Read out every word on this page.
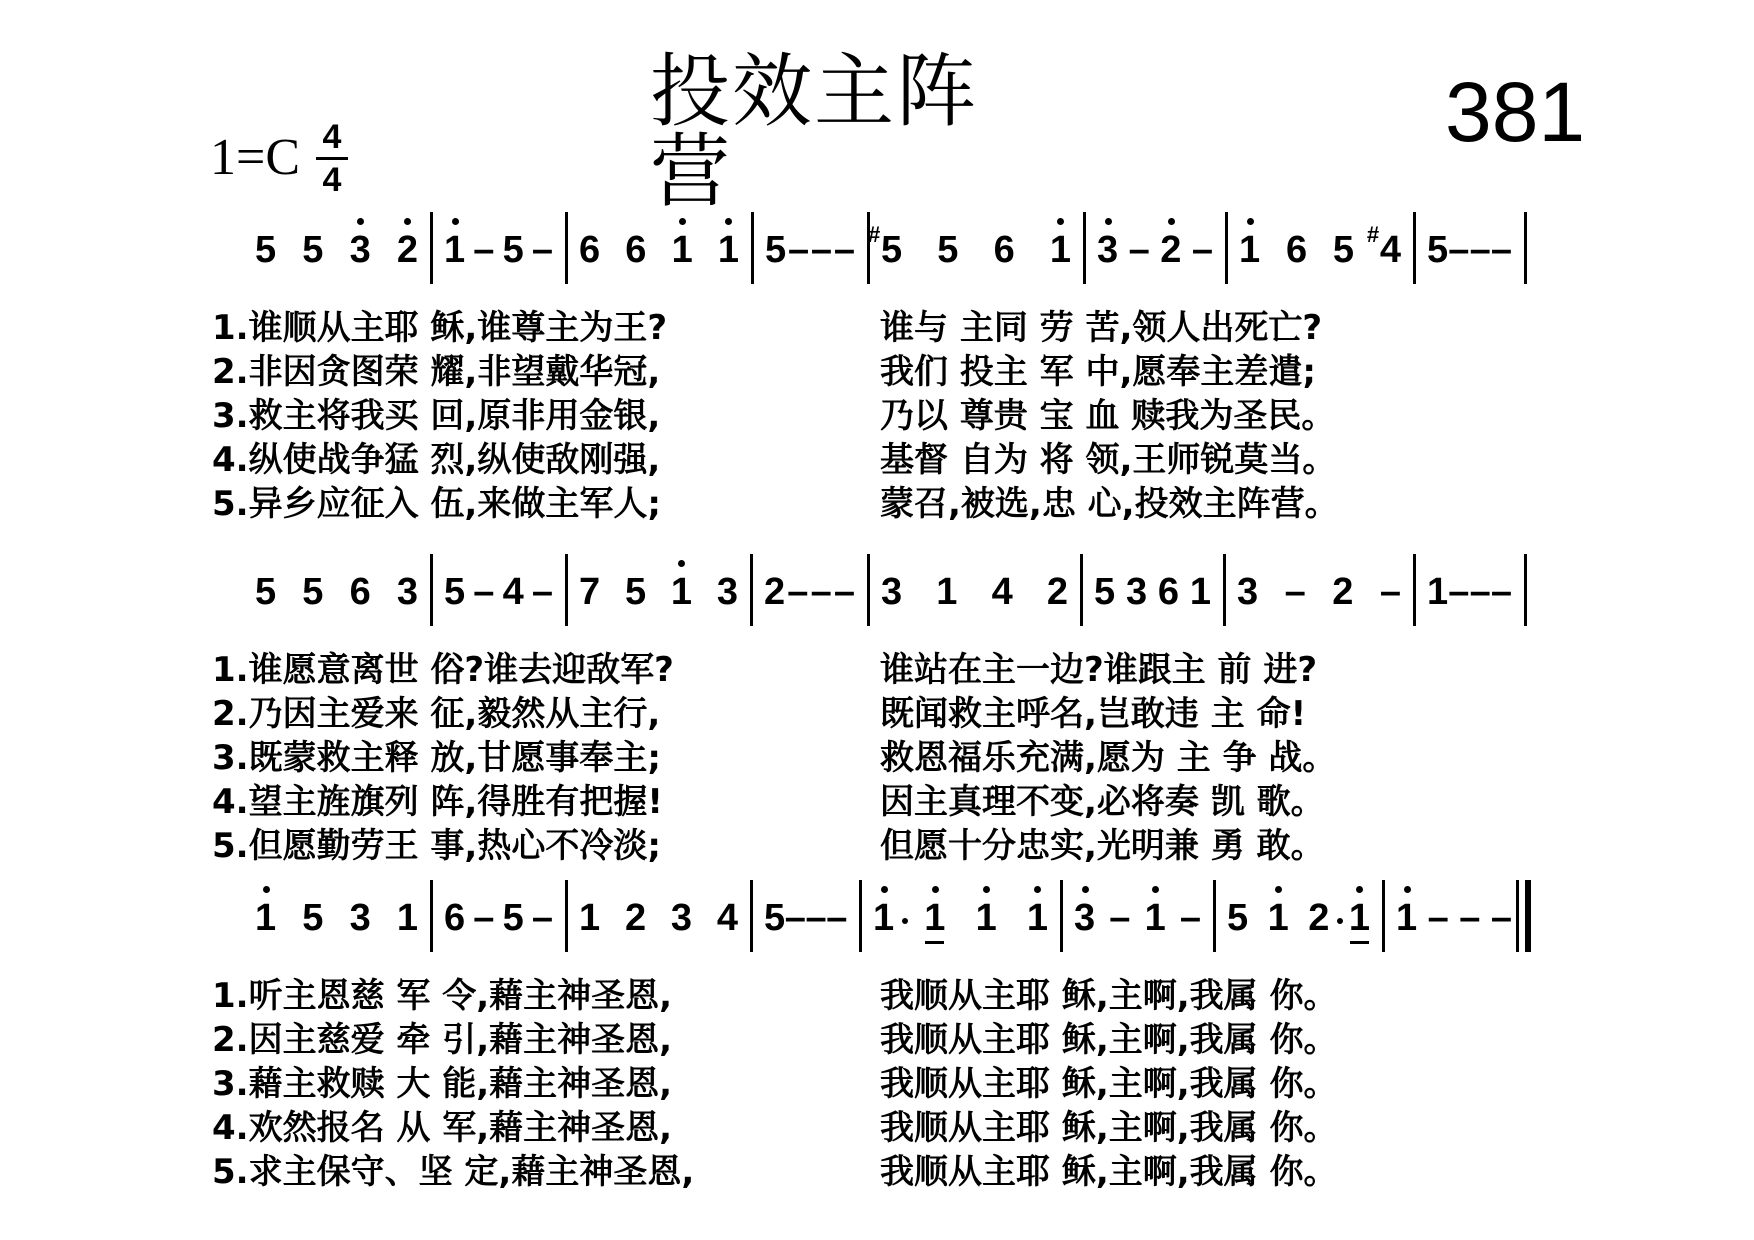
投效主阵营
381
1=C 4
4
5 5 3 2 1 – 5 – 6 6 1 1 5 – – – 5
# 5 6 1 3 – 2 – 1 6 5 4
# 5 – – –
1.谁顺从主耶 稣,谁尊主为王?	谁与 主同 劳 苦,领人出死亡?
2.非因贪图荣 耀,非望戴华冠,	我们 投主 军 中,愿奉主差遣;
3.救主将我买 回,原非用金银,	乃以 尊贵 宝 血 赎我为圣民。
4.纵使战争猛 烈,纵使敌刚强,	基督 自为 将 领,王师锐莫当。
5.异乡应征入 伍,来做主军人;	蒙召,被选,忠 心,投效主阵营。
5 5 6 3 5 – 4 – 7 5 1 3 2 – – – 3 1 4 2 5 3 6 1 3 – 2 – 1 – – –
1.谁愿意离世 俗?谁去迎敌军?	谁站在主一边?谁跟主 前 进?
2.乃因主爱来 征,毅然从主行,	既闻救主呼名,岂敢违 主 命!
3.既蒙救主释 放,甘愿事奉主;	救恩福乐充满,愿为 主 争 战。
4.望主旌旗列 阵,得胜有把握!	因主真理不变,必将奏 凯 歌。
5.但愿勤劳王 事,热心不冷淡;	但愿十分忠实,光明兼 勇 敢。
1 5 3 1 6 – 5 – 1 2 3 4 5 – – – 1 1 1 1 3 – 1 – 5 1 2 1 1 – – –
1.听主恩慈 军 令,藉主神圣恩,	我顺从主耶 稣,主啊,我属 你。
2.因主慈爱 牵 引,藉主神圣恩,	我顺从主耶 稣,主啊,我属 你。
3.藉主救赎 大 能,藉主神圣恩,	我顺从主耶 稣,主啊,我属 你。
4.欢然报名 从 军,藉主神圣恩,	我顺从主耶 稣,主啊,我属 你。
5.求主保守、坚 定,藉主神圣恩,	我顺从主耶 稣,主啊,我属 你。
